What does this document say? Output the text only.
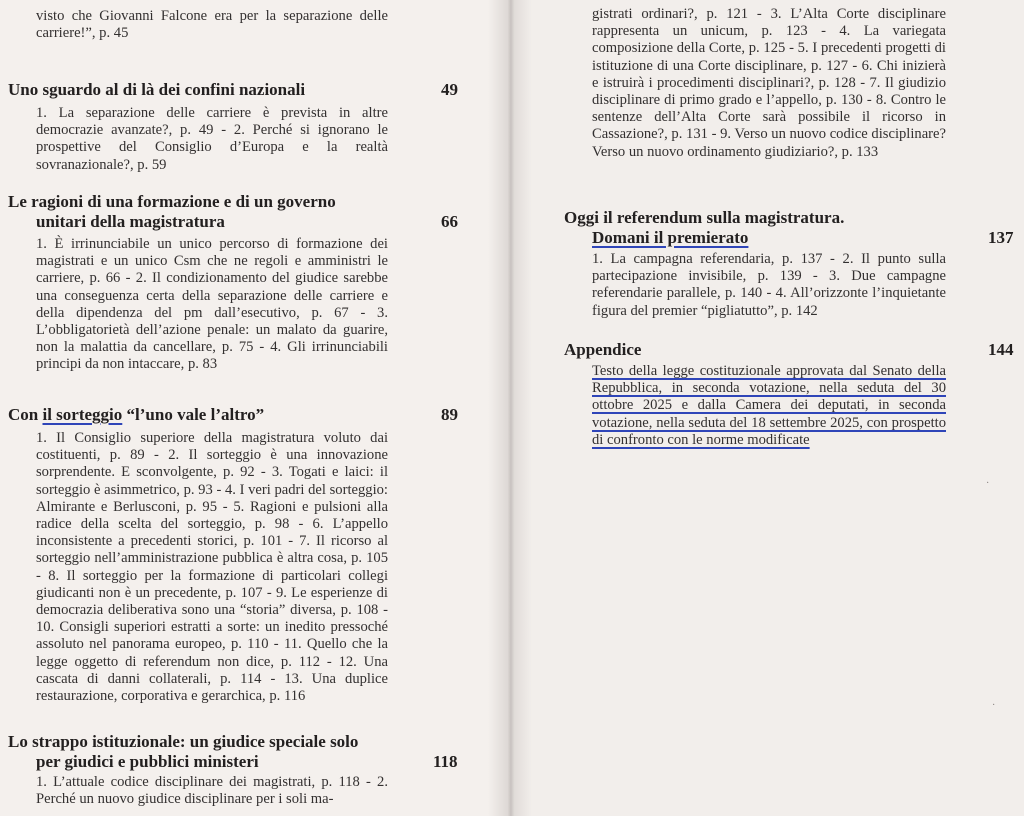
visto che Giovanni Falcone era per la separazione delle carriere!”, p. 45

Uno sguardo al di là dei confini nazionali	49

1. La separazione delle carriere è prevista in altre democrazie avanzate?, p. 49 - 2. Perché si ignorano le prospettive del Consiglio d’Europa e la realtà sovranazionale?, p. 59

Le ragioni di una formazione e di un governo
unitari della magistratura	66

1. È irrinunciabile un unico percorso di formazione dei magistrati e un unico Csm che ne regoli e amministri le carriere, p. 66 - 2. Il condizionamento del giudice sarebbe una conseguenza certa della separazione delle carriere e della dipendenza del pm dall’esecutivo, p. 67 - 3. L’obbligatorietà dell’azione penale: un malato da guarire, non la malattia da cancellare, p. 75 - 4. Gli irrinunciabili principi da non intaccare, p. 83

Con il sorteggio “l’uno vale l’altro”	89

1. Il Consiglio superiore della magistratura voluto dai costituenti, p. 89 - 2. Il sorteggio è una innovazione sorprendente. E sconvolgente, p. 92 - 3. Togati e laici: il sorteggio è asimmetrico, p. 93 - 4. I veri padri del sorteggio: Almirante e Berlusconi, p. 95 - 5. Ragioni e pulsioni alla radice della scelta del sorteggio, p. 98 - 6. L’appello inconsistente a precedenti storici, p. 101 - 7. Il ricorso al sorteggio nell’amministrazione pubblica è altra cosa, p. 105 - 8. Il sorteggio per la formazione di particolari collegi giudicanti non è un precedente, p. 107 - 9. Le esperienze di democrazia deliberativa sono una “storia” diversa, p. 108 - 10. Consigli superiori estratti a sorte: un inedito pressoché assoluto nel panorama europeo, p. 110 - 11. Quello che la legge oggetto di referendum non dice, p. 112 - 12. Una cascata di danni collaterali, p. 114 - 13. Una duplice restaurazione, corporativa e gerarchica, p. 116

Lo strappo istituzionale: un giudice speciale solo
per giudici e pubblici ministeri	118

1. L’attuale codice disciplinare dei magistrati, p. 118 - 2. Perché un nuovo giudice disciplinare per i soli ma-

gistrati ordinari?, p. 121 - 3. L’Alta Corte disciplinare rappresenta un unicum, p. 123 - 4. La variegata composizione della Corte, p. 125 - 5. I precedenti progetti di istituzione di una Corte disciplinare, p. 127 - 6. Chi inizierà e istruirà i procedimenti disciplinari?, p. 128 - 7. Il giudizio disciplinare di primo grado e l’appello, p. 130 - 8. Contro le sentenze dell’Alta Corte sarà possibile il ricorso in Cassazione?, p. 131 - 9. Verso un nuovo codice disciplinare? Verso un nuovo ordinamento giudiziario?, p. 133

Oggi il referendum sulla magistratura.
Domani il premierato	137

1. La campagna referendaria, p. 137 - 2. Il punto sulla partecipazione invisibile, p. 139 - 3. Due campagne referendarie parallele, p. 140 - 4. All’orizzonte l’inquietante figura del premier “pigliatutto”, p. 142

Appendice	144

Testo della legge costituzionale approvata dal Senato della Repubblica, in seconda votazione, nella seduta del 30 ottobre 2025 e dalla Camera dei deputati, in seconda votazione, nella seduta del 18 settembre 2025, con prospetto di confronto con le norme modificate

·
·
